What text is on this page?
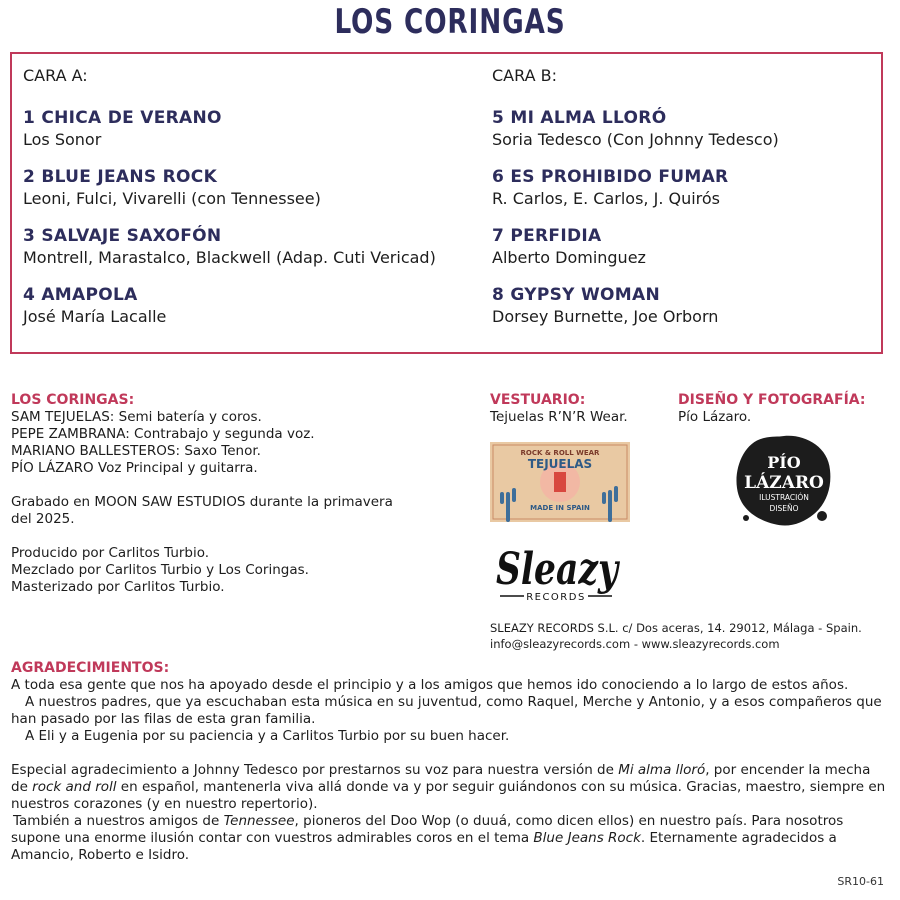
LOS CORINGAS
CARA A:
1 CHICA DE VERANO
Los Sonor
2 BLUE JEANS ROCK
Leoni, Fulci, Vivarelli (con Tennessee)
3 SALVAJE SAXOFÓN
Montrell, Marastalco, Blackwell (Adap. Cuti Vericad)
4 AMAPOLA
José María Lacalle
CARA B:
5 MI ALMA LLORÓ
Soria Tedesco (Con Johnny Tedesco)
6 ES PROHIBIDO FUMAR
R. Carlos, E. Carlos, J. Quirós
7 PERFIDIA
Alberto Dominguez
8 GYPSY WOMAN
Dorsey Burnette, Joe Orborn
LOS CORINGAS:
SAM TEJUELAS: Semi batería y coros.
PEPE ZAMBRANA: Contrabajo y segunda voz.
MARIANO BALLESTEROS: Saxo Tenor.
PÍO LÁZARO Voz Principal y guitarra.
Grabado en MOON SAW ESTUDIOS durante la primavera
del 2025.
Producido por Carlitos Turbio.
Mezclado por Carlitos Turbio y Los Coringas.
Masterizado por Carlitos Turbio.
VESTUARIO:
Tejuelas R’N’R Wear.
DISEÑO Y FOTOGRAFÍA:
Pío Lázaro.
ROCK & ROLL WEAR
TEJUELAS
MADE IN SPAIN
PÍO
LÁZARO
ILUSTRACIÓN
DISEÑO
Sleazy
RECORDS
SLEAZY RECORDS S.L. c/ Dos aceras, 14. 29012, Málaga - Spain.
info@sleazyrecords.com - www.sleazyrecords.com
AGRADECIMIENTOS:

A toda esa gente que nos ha apoyado desde el principio y a los amigos que hemos ido conociendo a lo largo de estos años.

A nuestros padres, que ya escuchaban esta música en su juventud, como Raquel, Merche y Antonio, y a esos compañeros que han pasado por las filas de esta gran familia.

A Eli y a Eugenia por su paciencia y a Carlitos Turbio por su buen hacer.

Especial agradecimiento a Johnny Tedesco por prestarnos su voz para nuestra versión de Mi alma lloró, por encender la mecha de rock and roll en español, mantenerla viva allá donde va y por seguir guiándonos con su música. Gracias, maestro, siempre en nuestros corazones (y en nuestro repertorio).

También a nuestros amigos de Tennessee, pioneros del Doo Wop (o duuá, como dicen ellos) en nuestro país. Para nosotros supone una enorme ilusión contar con vuestros admirables coros en el tema Blue Jeans Rock. Eternamente agradecidos a Amancio, Roberto e Isidro.

SR10-61
